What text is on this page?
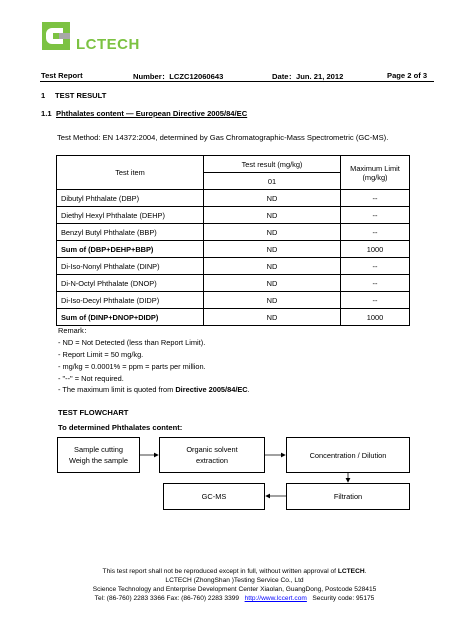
LCTECH
Test Report	Number：LCZC12060643	Date：Jun. 21, 2012	Page 2 of 3
1 TEST RESULT
1.1 Phthalates content — European Directive 2005/84/EC
Test Method: EN 14372:2004, determined by Gas Chromatographic-Mass Spectrometric (GC-MS).
Test item	Test result (mg/kg)	Maximum Limit
(mg/kg)
	01	
Dibutyl Phthalate (DBP)	ND	--
Diethyl Hexyl Phthalate (DEHP)	ND	--
Benzyl Butyl Phthalate (BBP)	ND	--
Sum of (DBP+DEHP+BBP)	ND	1000
Di-Iso-Nonyl Phthalate (DINP)	ND	--
Di-N-Octyl Phthalate (DNOP)	ND	--
Di-Iso-Decyl Phthalate (DIDP)	ND	--
Sum of (DINP+DNOP+DIDP)	ND	1000
Remark：
- ND = Not Detected (less than Report Limit).
- Report Limit = 50 mg/kg.
- mg/kg = 0.0001% = ppm = parts per million.
- "--" = Not required.
- The maximum limit is quoted from Directive 2005/84/EC.
TEST FLOWCHART
To determined Phthalates content:
Sample cutting
Weigh the sample
Organic solvent
extraction
Concentration / Dilution
Filtration
GC-MS
This test report shall not be reproduced except in full, without written approval of LCTECH.
LCTECH (ZhongShan )Testing Service Co., Ltd
Science Technology and Enterprise Development Center Xiaolan, GuangDong, Postcode 528415
Tel: (86-760) 2283 3366 Fax: (86-760) 2283 3399 http://www.lccert.com Security code: 95175
